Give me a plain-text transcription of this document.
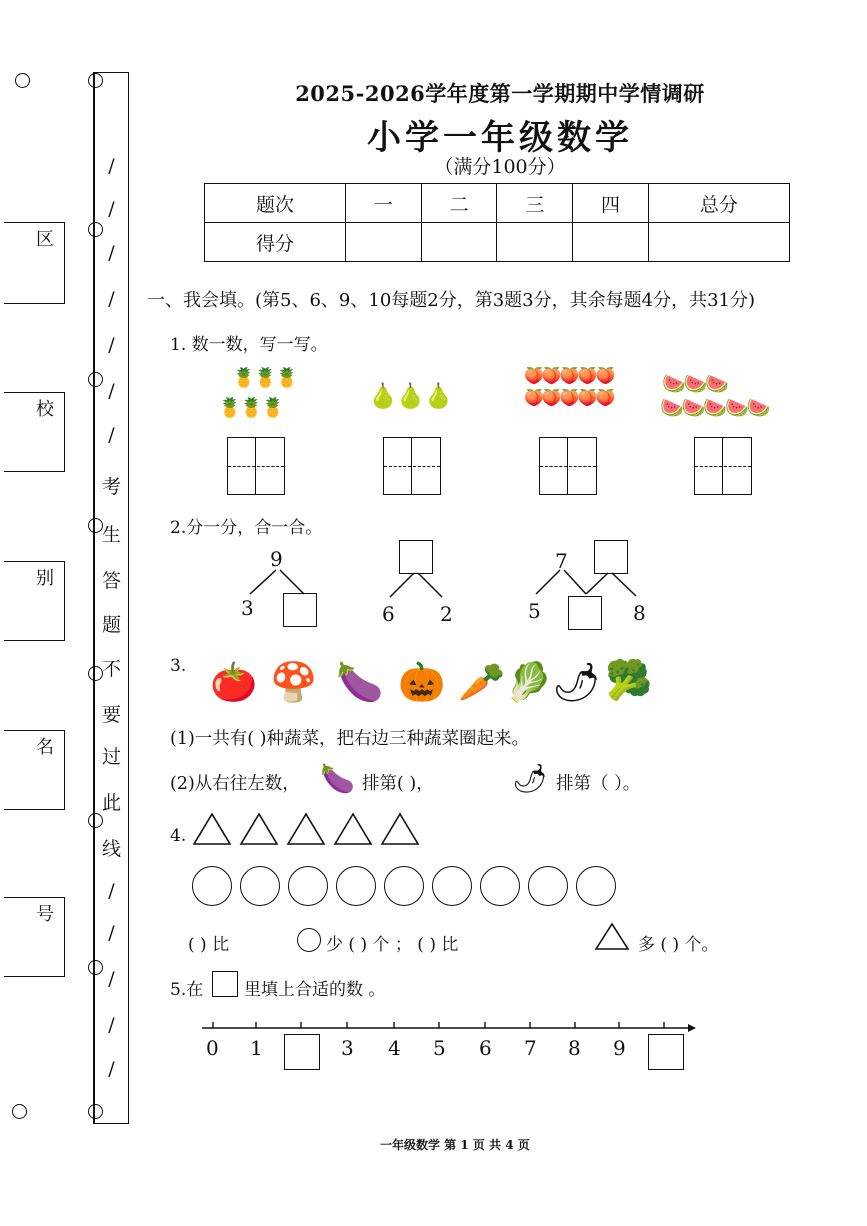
/
/
/
/
/
/
/
考
生
答
题
不
要
过
此
线
/
/
/
/
/
区
校
别
名
号
2025-2026学年度第一学期期中学情调研
小学一年级数学
（满分100分）
题次	一	二	三	四	总分
得分					
一、我会填。(第5、6、9、10每题2分，第3题3分，其余每题4分，共31分)
1. 数一数，写一写。
🍍🍍🍍
🍍🍍🍍	🍐🍐🍐
🍑🍑🍑🍑🍑
🍑🍑🍑🍑🍑
🍉🍉🍉
🍉🍉🍉🍉🍉
2.分一分，合一合。
9
3	6 2
7
5	8
3. 🍅 🍄 🍆 🎃 🥕 🥬 🌶 🥦
(1)一共有( )种蔬菜，把右边三种蔬菜圈起来。
(2)从右往左数， 🍆 排第( )，	🌶 排第（ ）。
4.
( ) 比	少 ( ) 个 ； ( ) 比	多 ( ) 个。
5.在 里填上合适的数 。
0 1	3 4 5 6 7 8 9
一年级数学 第 1 页 共 4 页
